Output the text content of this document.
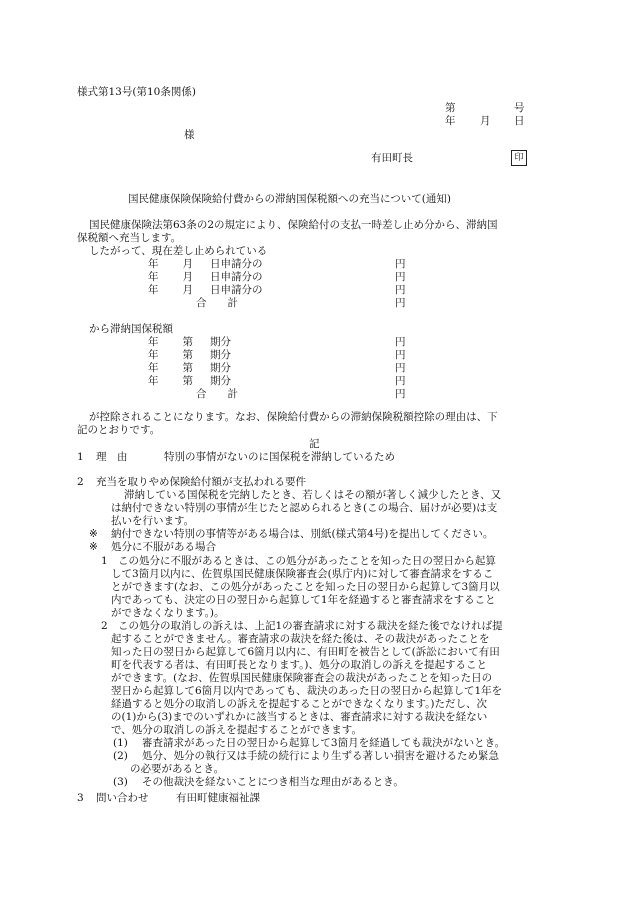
様式第13号(第10条関係)
第	号
年 月 日
様
有田町長	印
国民健康保険保険給付費からの滞納国保税額への充当について(通知)
国民健康保険法第63条の2の規定により、保険給付の支払一時差し止め分から、滞納国
保税額へ充当します。
したがって、現在差し止められている
年 月 日申請分の	円
年 月 日申請分の	円
年 月 日申請分の	円
合　　計	円
から滞納国保税額
年 第 期分	円
年 第 期分	円
年 第 期分	円
年 第 期分	円
合　　計	円
が控除されることになります。なお、保険給付費からの滞納保険税額控除の理由は、下
記のとおりです。
記
1 理　由	特別の事情がないのに国保税を滞納しているため
2 充当を取りやめ保険給付額が支払われる要件
滞納している国保税を完納したとき、若しくはその額が著しく減少したとき、又
は納付できない特別の事情が生じたと認められるとき(この場合、届けが必要)は支
払いを行います。
※ 納付できない特別の事情等がある場合は、別紙(様式第4号)を提出してください。
※ 処分に不服がある場合
1 この処分に不服があるときは、この処分があったことを知った日の翌日から起算
して3箇月以内に、佐賀県国民健康保険審査会(県庁内)に対して審査請求をするこ
とができます(なお、この処分があったことを知った日の翌日から起算して3箇月以
内であっても、決定の日の翌日から起算して1年を経過すると審査請求をすること
ができなくなります。)。
2 この処分の取消しの訴えは、上記1の審査請求に対する裁決を経た後でなければ提
起することができません。審査請求の裁決を経た後は、その裁決があったことを
知った日の翌日から起算して6箇月以内に、有田町を被告として(訴訟において有田
町を代表する者は、有田町長となります。)、処分の取消しの訴えを提起すること
ができます。(なお、佐賀県国民健康保険審査会の裁決があったことを知った日の
翌日から起算して6箇月以内であっても、裁決のあった日の翌日から起算して1年を
経過すると処分の取消しの訴えを提起することができなくなります。)ただし、次
の(1)から(3)までのいずれかに該当するときは、審査請求に対する裁決を経ない
で、処分の取消しの訴えを提起することができます。
(1) 審査請求があった日の翌日から起算して3箇月を経過しても裁決がないとき。
(2) 処分、処分の執行又は手続の続行により生ずる著しい損害を避けるため緊急
の必要があるとき。
(3) その他裁決を経ないことにつき相当な理由があるとき。
3 問い合わせ	有田町健康福祉課
